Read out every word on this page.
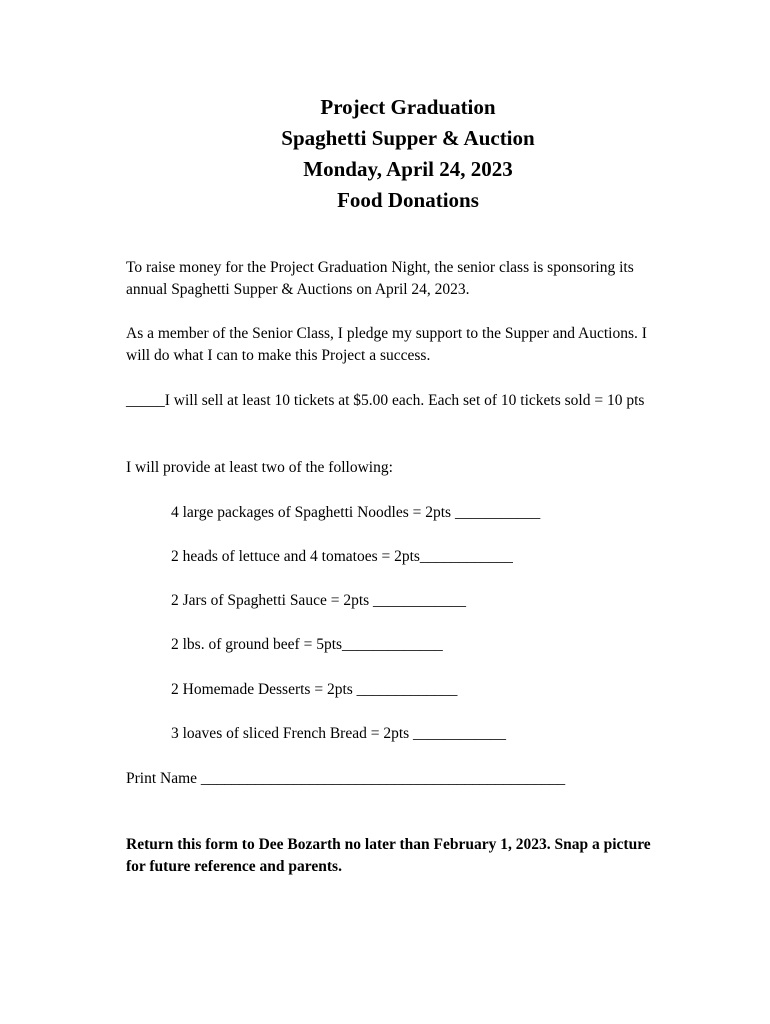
Project Graduation
Spaghetti Supper & Auction
Monday, April 24, 2023
Food Donations
To raise money for the Project Graduation Night, the senior class is sponsoring its
annual Spaghetti Supper & Auctions on April 24, 2023.
As a member of the Senior Class, I pledge my support to the Supper and Auctions. I
will do what I can to make this Project a success.
_____I will sell at least 10 tickets at $5.00 each. Each set of 10 tickets sold = 10 pts
I will provide at least two of the following:
4 large packages of Spaghetti Noodles = 2pts ___________
2 heads of lettuce and 4 tomatoes = 2pts____________
2 Jars of Spaghetti Sauce = 2pts ____________
2 lbs. of ground beef = 5pts_____________
2 Homemade Desserts = 2pts _____________
3 loaves of sliced French Bread = 2pts ____________
Print Name _______________________________________________
Return this form to Dee Bozarth no later than February 1, 2023. Snap a picture
for future reference and parents.
